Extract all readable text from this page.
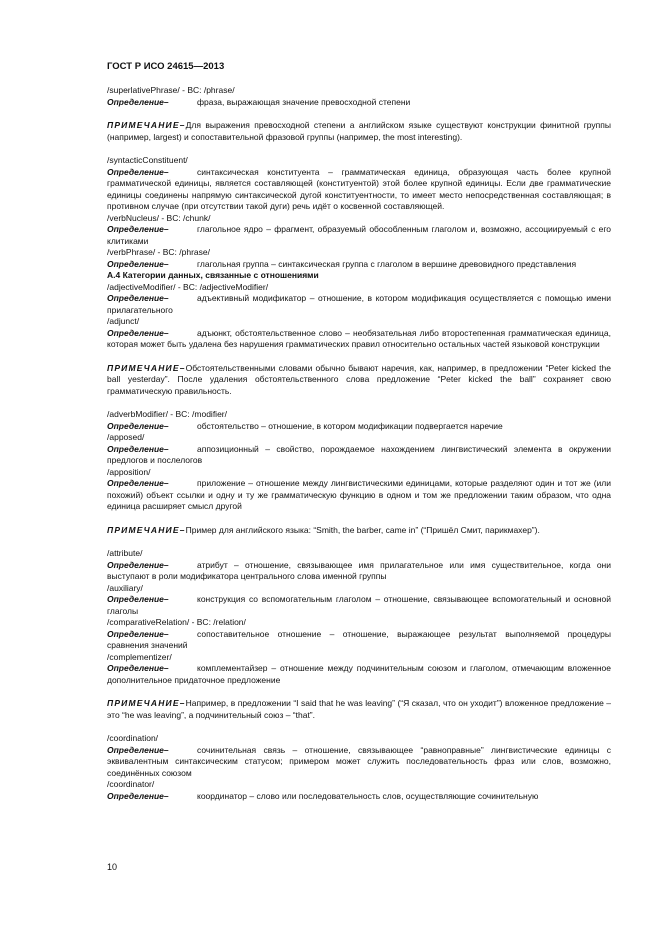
ГОСТ Р ИСО 24615—2013
/superlativePhrase/ - BC: /phrase/
Определение–	фраза, выражающая значение превосходной степени
ПРИМЕЧАНИЕ–Для выражения превосходной степени а английском языке существуют конструкции финитной группы (например, largest) и сопоставительной фразовой группы (например, the most interesting).
/syntacticConstituent/
Определение–	синтаксическая конституента – грамматическая единица, образующая часть более крупной грамматической единицы, является составляющей (конституентой) этой более крупной единицы. Если две грамматические единицы соединены напрямую синтаксической дугой конституентности, то имеет место непосредственная составляющая; в противном случае (при отсутствии такой дуги) речь идёт о косвенной составляющей.
/verbNucleus/ - BC: /chunk/
Определение–	глагольное ядро – фрагмент, образуемый обособленным глаголом и, возможно, ассоциируемый с его клитиками
/verbPhrase/ - BC: /phrase/
Определение–	глагольная группа – синтаксическая группа с глаголом в вершине древовидного представления
А.4 Категории данных, связанные с отношениями
/adjectiveModifier/ - BC: /adjectiveModifier/
Определение–	адъективный модификатор – отношение, в котором модификация осуществляется с помощью имени прилагательного
/adjunct/
Определение–	адъюнкт, обстоятельственное слово – необязательная либо второстепенная грамматическая единица, которая может быть удалена без нарушения грамматических правил относительно остальных частей языковой конструкции
ПРИМЕЧАНИЕ–Обстоятельственными словами обычно бывают наречия, как, например, в предложении “Peter kicked the ball yesterday”. После удаления обстоятельственного слова предложение “Peter kicked the ball” сохраняет свою грамматическую правильность.
/adverbModifier/ - BC: /modifier/
Определение–	обстоятельство – отношение, в котором модификации подвергается наречие
/apposed/
Определение–	аппозиционный – свойство, порождаемое нахождением лингвистический элемента в окружении предлогов и послелогов
/apposition/
Определение–	приложение – отношение между лингвистическими единицами, которые разделяют один и тот же (или похожий) объект ссылки и одну и ту же грамматическую функцию в одном и том же предложении таким образом, что одна единица расширяет смысл другой
ПРИМЕЧАНИЕ–Пример для английского языка: “Smith, the barber, came in” (“Пришёл Смит, парикмахер”).
/attribute/
Определение–	атрибут – отношение, связывающее имя прилагательное или имя существительное, когда они выступают в роли модификатора центрального слова именной группы
/auxiliary/
Определение–	конструкция со вспомогательным глаголом – отношение, связывающее вспомогательный и основной глаголы
/comparativeRelation/ - BC: /relation/
Определение–	сопоставительное отношение – отношение, выражающее результат выполняемой процедуры сравнения значений
/complementizer/
Определение–	комплементайзер – отношение между подчинительным союзом и глаголом, отмечающим вложенное дополнительное придаточное предложение
ПРИМЕЧАНИЕ–Например, в предложении “I said that he was leaving” (“Я сказал, что он уходит”) вложенное предложение – это “he was leaving”, а подчинительный союз – “that”.
/coordination/
Определение–	сочинительная связь – отношение, связывающее “равноправные” лингвистические единицы с эквивалентным синтаксическим статусом; примером может служить последовательность фраз или слов, возможно, соединённых союзом
/coordinator/
Определение–	координатор – слово или последовательность слов, осуществляющие сочинительную
10
